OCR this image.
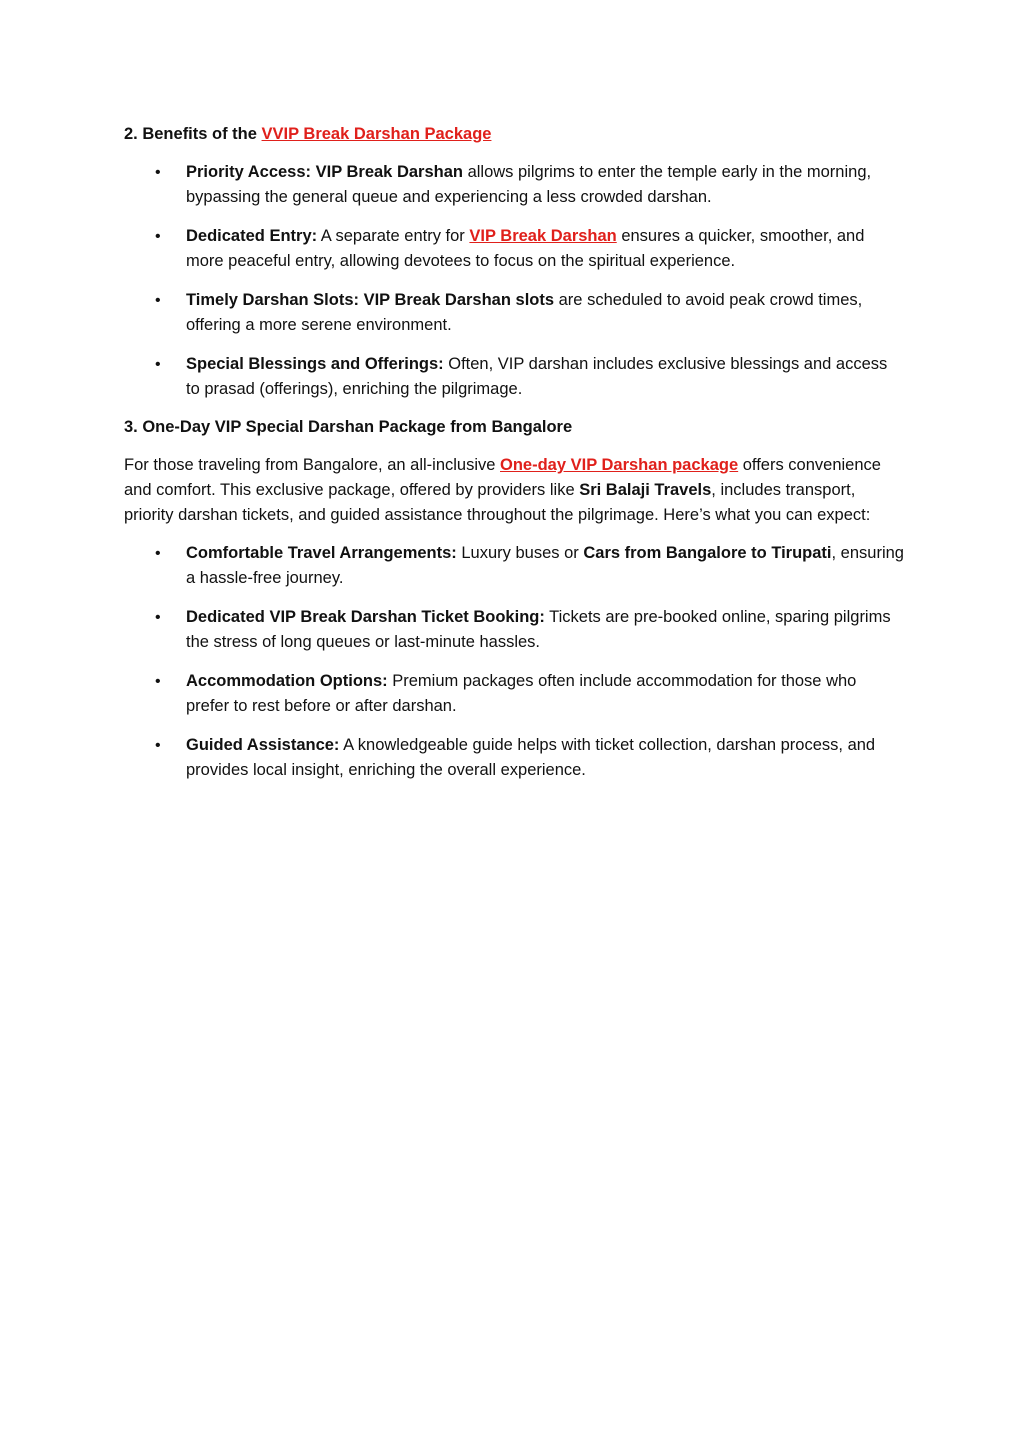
2. Benefits of the VVIP Break Darshan Package
• Priority Access: VIP Break Darshan allows pilgrims to enter the temple early in the morning, bypassing the general queue and experiencing a less crowded darshan.
• Dedicated Entry: A separate entry for VIP Break Darshan ensures a quicker, smoother, and more peaceful entry, allowing devotees to focus on the spiritual experience.
• Timely Darshan Slots: VIP Break Darshan slots are scheduled to avoid peak crowd times, offering a more serene environment.
• Special Blessings and Offerings: Often, VIP darshan includes exclusive blessings and access to prasad (offerings), enriching the pilgrimage.
3. One-Day VIP Special Darshan Package from Bangalore
For those traveling from Bangalore, an all-inclusive One-day VIP Darshan package offers convenience and comfort. This exclusive package, offered by providers like Sri Balaji Travels, includes transport, priority darshan tickets, and guided assistance throughout the pilgrimage. Here’s what you can expect:
• Comfortable Travel Arrangements: Luxury buses or Cars from Bangalore to Tirupati, ensuring a hassle-free journey.
• Dedicated VIP Break Darshan Ticket Booking: Tickets are pre-booked online, sparing pilgrims the stress of long queues or last-minute hassles.
• Accommodation Options: Premium packages often include accommodation for those who prefer to rest before or after darshan.
• Guided Assistance: A knowledgeable guide helps with ticket collection, darshan process, and provides local insight, enriching the overall experience.
